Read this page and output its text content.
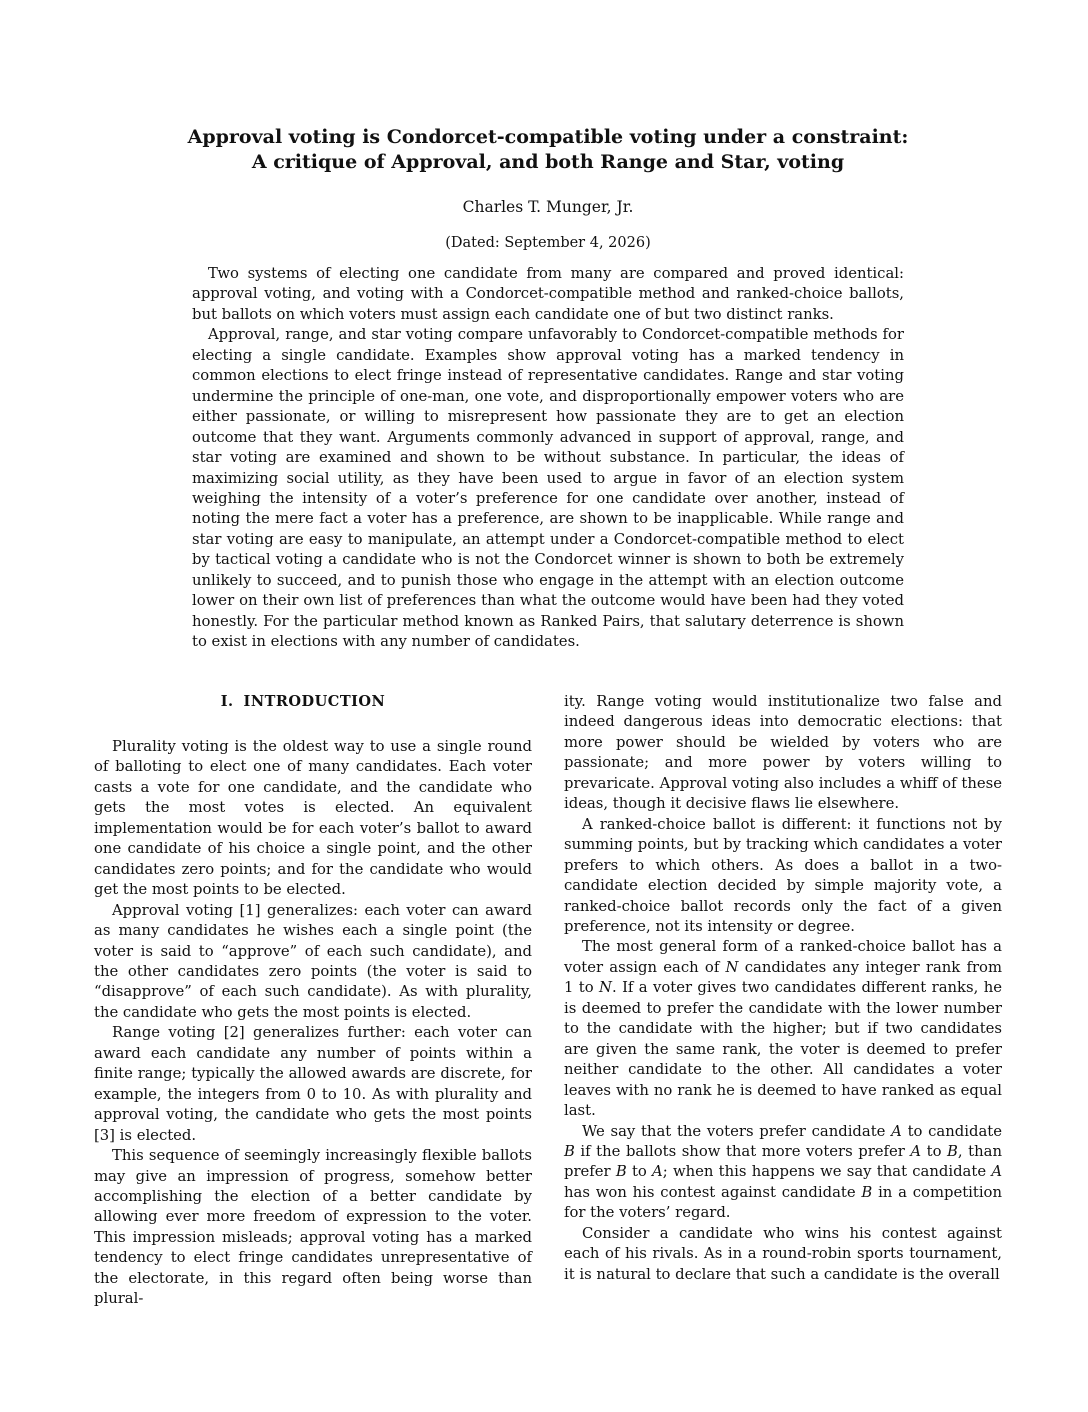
Approval voting is Condorcet-compatible voting under a constraint:
A critique of Approval, and both Range and Star, voting
Charles T. Munger, Jr.
(Dated: September 4, 2026)

Two systems of electing one candidate from many are compared and proved identical: approval voting, and voting with a Condorcet-compatible method and ranked-choice ballots, but ballots on which voters must assign each candidate one of but two distinct ranks.

Approval, range, and star voting compare unfavorably to Condorcet-compatible methods for electing a single candidate. Examples show approval voting has a marked tendency in common elections to elect fringe instead of representative candidates. Range and star voting undermine the principle of one-man, one vote, and disproportionally empower voters who are either passionate, or willing to misrepresent how passionate they are to get an election outcome that they want. Arguments commonly advanced in support of approval, range, and star voting are examined and shown to be without substance. In particular, the ideas of maximizing social utility, as they have been used to argue in favor of an election system weighing the intensity of a voter’s preference for one candidate over another, instead of noting the mere fact a voter has a preference, are shown to be inapplicable. While range and star voting are easy to manipulate, an attempt under a Condorcet-compatible method to elect by tactical voting a candidate who is not the Condorcet winner is shown to both be extremely unlikely to succeed, and to punish those who engage in the attempt with an election outcome lower on their own list of preferences than what the outcome would have been had they voted honestly. For the particular method known as Ranked Pairs, that salutary deterrence is shown to exist in elections with any number of candidates.

I. INTRODUCTION

Plurality voting is the oldest way to use a single round of balloting to elect one of many candidates. Each voter casts a vote for one candidate, and the candidate who gets the most votes is elected. An equivalent implementation would be for each voter’s ballot to award one candidate of his choice a single point, and the other candidates zero points; and for the candidate who would get the most points to be elected.

Approval voting [1] generalizes: each voter can award as many candidates he wishes each a single point (the voter is said to “approve” of each such candidate), and the other candidates zero points (the voter is said to “disapprove” of each such candidate). As with plurality, the candidate who gets the most points is elected.

Range voting [2] generalizes further: each voter can award each candidate any number of points within a finite range; typically the allowed awards are discrete, for example, the integers from 0 to 10. As with plurality and approval voting, the candidate who gets the most points [3] is elected.

This sequence of seemingly increasingly flexible ballots may give an impression of progress, somehow better accomplishing the election of a better candidate by allowing ever more freedom of expression to the voter. This impression misleads; approval voting has a marked tendency to elect fringe candidates unrepresentative of the electorate, in this regard often being worse than plural-

ity. Range voting would institutionalize two false and indeed dangerous ideas into democratic elections: that more power should be wielded by voters who are passionate; and more power by voters willing to prevaricate. Approval voting also includes a whiff of these ideas, though it decisive flaws lie elsewhere.

A ranked-choice ballot is different: it functions not by summing points, but by tracking which candidates a voter prefers to which others. As does a ballot in a two-candidate election decided by simple majority vote, a ranked-choice ballot records only the fact of a given preference, not its intensity or degree.

The most general form of a ranked-choice ballot has a voter assign each of N candidates any integer rank from 1 to N. If a voter gives two candidates different ranks, he is deemed to prefer the candidate with the lower number to the candidate with the higher; but if two candidates are given the same rank, the voter is deemed to prefer neither candidate to the other. All candidates a voter leaves with no rank he is deemed to have ranked as equal last.

We say that the voters prefer candidate A to candidate B if the ballots show that more voters prefer A to B, than prefer B to A; when this happens we say that candidate A has won his contest against candidate B in a competition for the voters’ regard.

Consider a candidate who wins his contest against each of his rivals. As in a round-robin sports tournament, it is natural to declare that such a candidate is the overall
